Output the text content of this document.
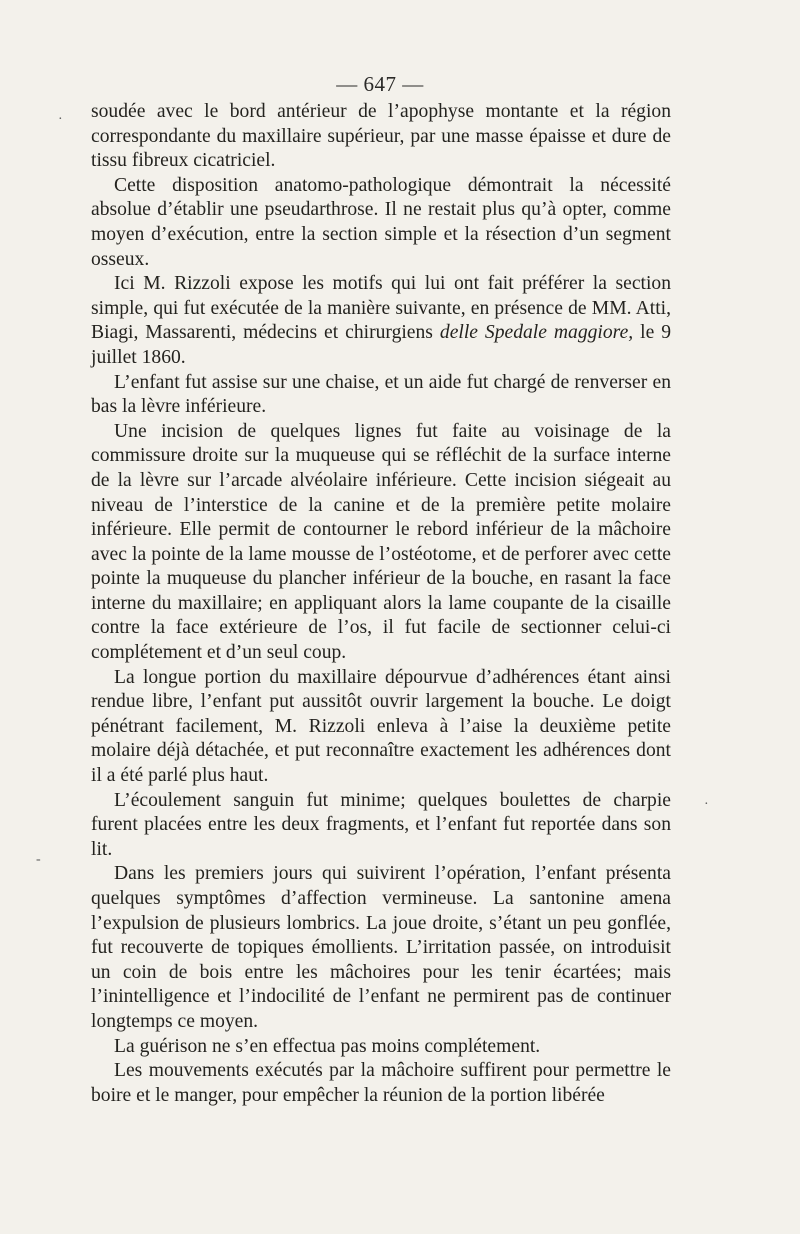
— 647 —

soudée avec le bord antérieur de l’apophyse montante et la région correspondante du maxillaire supérieur, par une masse épaisse et dure de tissu fibreux cicatriciel.

Cette disposition anatomo-pathologique démontrait la nécessité absolue d’établir une pseudarthrose. Il ne restait plus qu’à opter, comme moyen d’exécution, entre la section simple et la résection d’un segment osseux.

Ici M. Rizzoli expose les motifs qui lui ont fait préférer la section simple, qui fut exécutée de la manière suivante, en présence de MM. Atti, Biagi, Massarenti, médecins et chirurgiens delle Spedale maggiore, le 9 juillet 1860.

L’enfant fut assise sur une chaise, et un aide fut chargé de renverser en bas la lèvre inférieure.

Une incision de quelques lignes fut faite au voisinage de la commissure droite sur la muqueuse qui se réfléchit de la surface interne de la lèvre sur l’arcade alvéolaire inférieure. Cette incision siégeait au niveau de l’interstice de la canine et de la première petite molaire inférieure. Elle permit de contourner le rebord inférieur de la mâchoire avec la pointe de la lame mousse de l’ostéotome, et de perforer avec cette pointe la muqueuse du plancher inférieur de la bouche, en rasant la face interne du maxillaire; en appliquant alors la lame coupante de la cisaille contre la face extérieure de l’os, il fut facile de sectionner celui-ci complétement et d’un seul coup.

La longue portion du maxillaire dépourvue d’adhérences étant ainsi rendue libre, l’enfant put aussitôt ouvrir largement la bouche. Le doigt pénétrant facilement, M. Rizzoli enleva à l’aise la deuxième petite molaire déjà détachée, et put reconnaître exactement les adhérences dont il a été parlé plus haut.

L’écoulement sanguin fut minime; quelques boulettes de charpie furent placées entre les deux fragments, et l’enfant fut reportée dans son lit.

Dans les premiers jours qui suivirent l’opération, l’enfant présenta quelques symptômes d’affection vermineuse. La santonine amena l’expulsion de plusieurs lombrics. La joue droite, s’étant un peu gonflée, fut recouverte de topiques émollients. L’irritation passée, on introduisit un coin de bois entre les mâchoires pour les tenir écartées; mais l’inintelligence et l’indocilité de l’enfant ne permirent pas de continuer longtemps ce moyen.

La guérison ne s’en effectua pas moins complétement.

Les mouvements exécutés par la mâchoire suffirent pour permettre le boire et le manger, pour empêcher la réunion de la portion libérée

·
·
-
